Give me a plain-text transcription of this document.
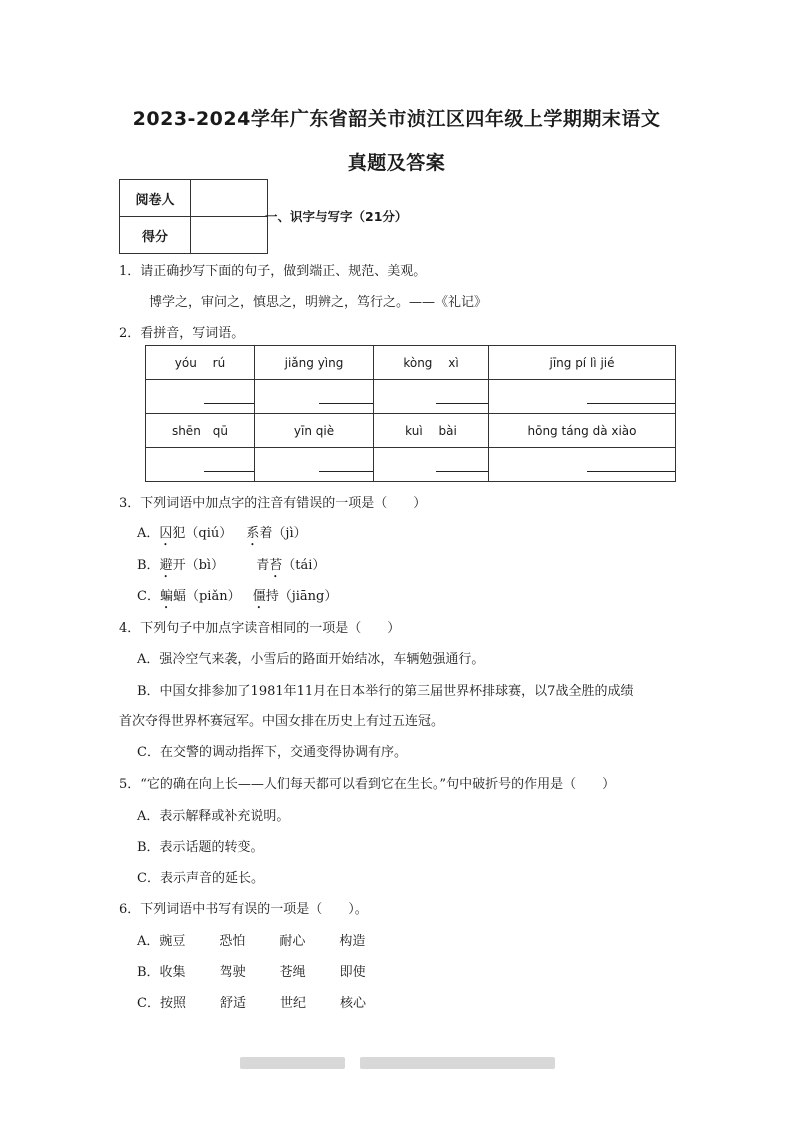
2023-2024学年广东省韶关市浈江区四年级上学期期末语文
真题及答案
阅卷人	
得分	
一、识字与写字（21分）
1．请正确抄写下面的句子，做到端正、规范、美观。
博学之，审问之，慎思之，明辨之，笃行之。——《礼记》
2．看拼音，写词语。
yóu　 rú	jiǎng yìng	kòng　 xì	jīng pí lì jié

shēn　qū	yīn qiè	kuì　 bài	hōng táng dà xiào

3．下列词语中加点字的注音有错误的一项是（　　）
A．囚犯（qiú） 系着（jì）
B．避开（bì） 青苔（tái）
C．蝙蝠（piǎn） 僵持（jiāng）
4．下列句子中加点字读音相同的一项是（　　）
A．强冷空气来袭，小雪后的路面开始结冰，车辆勉强通行。
B．中国女排参加了1981年11月在日本举行的第三届世界杯排球赛，以7战全胜的成绩
首次夺得世界杯赛冠军。中国女排在历史上有过五连冠。
C．在交警的调动指挥下，交通变得协调有序。
5．“它的确在向上长——人们每天都可以看到它在生长。”句中破折号的作用是（　　）
A．表示解释或补充说明。
B．表示话题的转变。
C．表示声音的延长。
6．下列词语中书写有误的一项是（　　）。
A．豌豆	恐怕	耐心	构造
B．收集	驾驶	苍绳	即使
C．按照	舒适	世纪	核心
